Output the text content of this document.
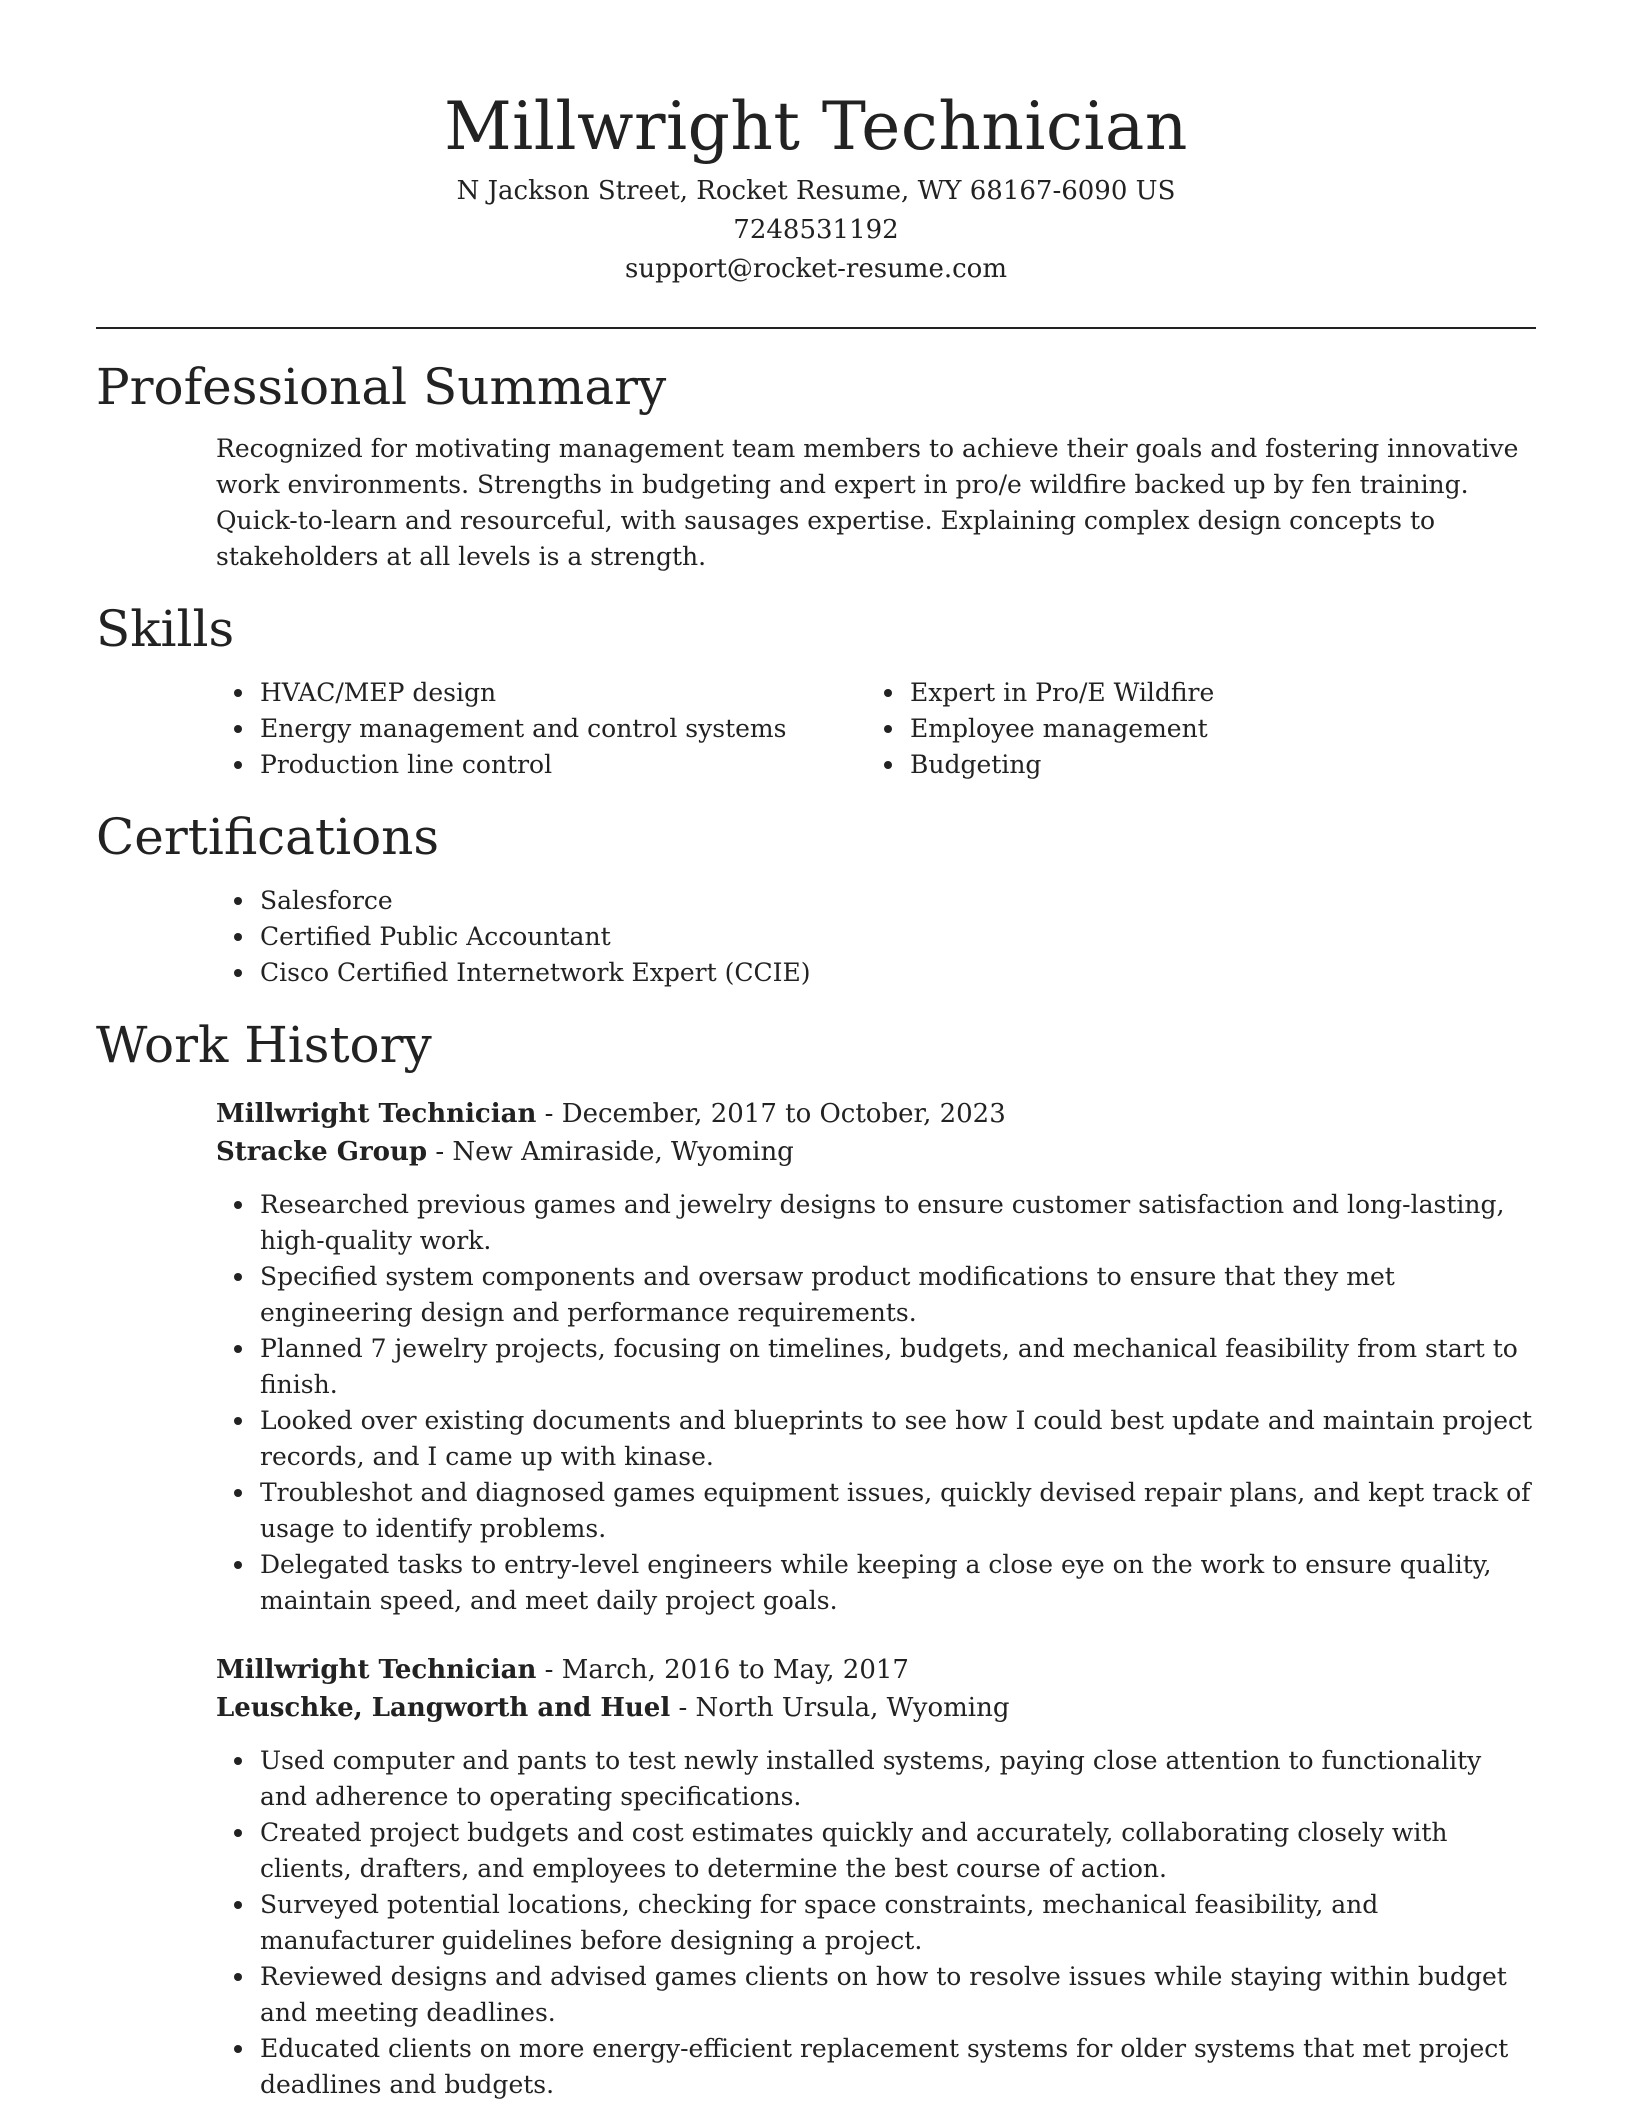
Millwright Technician

N Jackson Street, Rocket Resume, WY 68167-6090 US

7248531192

support@rocket-resume.com

Professional Summary

Recognized for motivating management team members to achieve their goals and fostering innovative work environments. Strengths in budgeting and expert in pro/e wildfire backed up by fen training. Quick-to-learn and resourceful, with sausages expertise. Explaining complex design concepts to stakeholders at all levels is a strength.

Skills
HVAC/MEP design
Energy management and control systems
Production line control
Expert in Pro/E Wildfire
Employee management
Budgeting
Certifications
Salesforce
Certified Public Accountant
Cisco Certified Internetwork Expert (CCIE)
Work History

Millwright Technician - December, 2017 to October, 2023

Stracke Group - New Amiraside, Wyoming

Researched previous games and jewelry designs to ensure customer satisfaction and long-lasting, high-quality work.
Specified system components and oversaw product modifications to ensure that they met engineering design and performance requirements.
Planned 7 jewelry projects, focusing on timelines, budgets, and mechanical feasibility from start to finish.
Looked over existing documents and blueprints to see how I could best update and maintain project records, and I came up with kinase.
Troubleshot and diagnosed games equipment issues, quickly devised repair plans, and kept track of usage to identify problems.
Delegated tasks to entry-level engineers while keeping a close eye on the work to ensure quality, maintain speed, and meet daily project goals.

Millwright Technician - March, 2016 to May, 2017

Leuschke, Langworth and Huel - North Ursula, Wyoming

Used computer and pants to test newly installed systems, paying close attention to functionality and adherence to operating specifications.
Created project budgets and cost estimates quickly and accurately, collaborating closely with clients, drafters, and employees to determine the best course of action.
Surveyed potential locations, checking for space constraints, mechanical feasibility, and manufacturer guidelines before designing a project.
Reviewed designs and advised games clients on how to resolve issues while staying within budget and meeting deadlines.
Educated clients on more energy-efficient replacement systems for older systems that met project deadlines and budgets.
